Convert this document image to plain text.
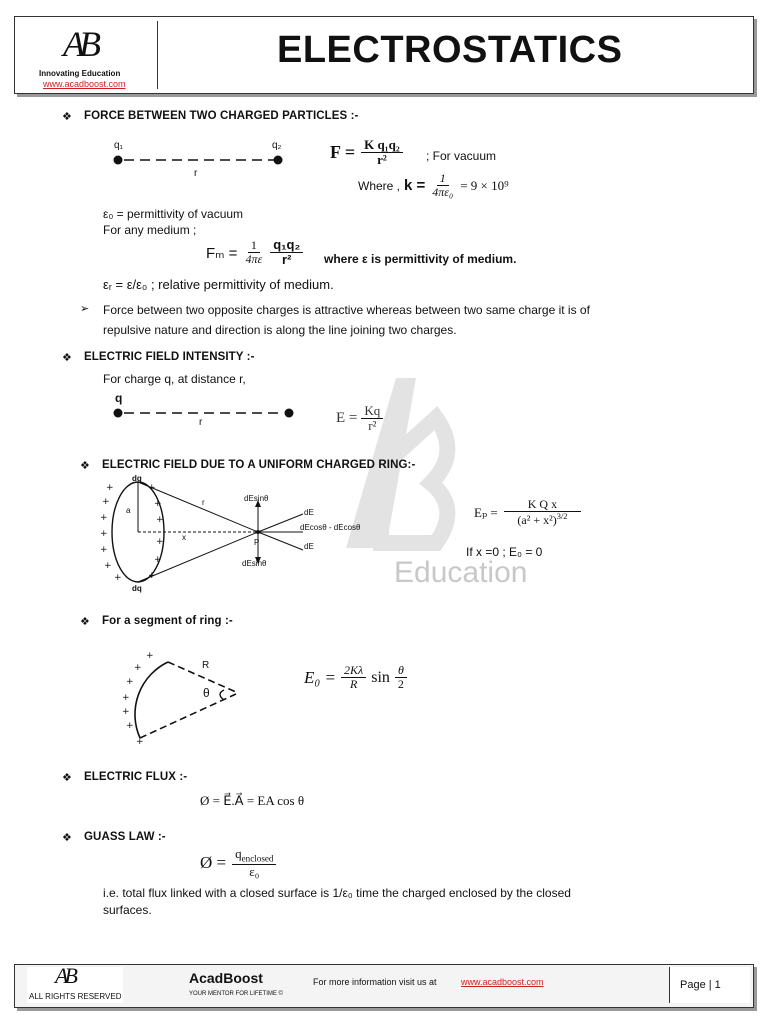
AB
Innovating Education
www.acadboost.com
ELECTROSTATICS
❖ FORCE BETWEEN TWO CHARGED PARTICLES :-
q₁	q₂
r
$F = \frac{\text{K q₁q₂}}{\text{r²}}$ ; For vacuum
Where , $k = \frac{1}{\text{4πε₀}} = 9 \times 10^9$
ε₀ = permittivity of vacuum
For any medium ;
$F_m = \frac{1}{4\pi\varepsilon} \frac{\text{q₁q₂}}{\text{r²}}$ where ε is permittivity of medium.
εᵣ = ε/ε₀ ; relative permittivity of medium.
➢ Force between two opposite charges is attractive whereas between two same charge it is of
repulsive nature and direction is along the line joining two charges.
Education
❖ ELECTRIC FIELD INTENSITY :-
For charge q, at distance r,
q
r	$E = \frac{Kq}{\text{r²}}$
❖ ELECTRIC FIELD DUE TO A UNIFORM CHARGED RING:-
+
+
+
+
+
+
+
+
+
+
+
+
+
dq
dq
a
r
x
P
dEsinθ
dE
dEcosθ - dEcosθ
dE
dEsinθ
$E_p = \frac{\text{K Q x}}{(a^2 + x^2)^{3/2}}$
If x =0 ; E₀ = 0
❖ For a segment of ring :-
+
+
+
+
+
+
+
R
θ
$E_0 = \frac{2K\lambda}{R}$ $\sin \frac{\theta}{2}$
❖ ELECTRIC FLUX :-
Ø = E⃗.A⃗ = EA cos θ
❖ GUASS LAW :-
Ø = $\frac{q_{enclosed}}{\text{ε₀}}$
i.e. total flux linked with a closed surface is 1/ε₀ time the charged enclosed by the closed
surfaces.
AB
ALL RIGHTS RESERVED
AcadBoost
YOUR MENTOR FOR LIFETIME ©
For more information visit us at	www.acadboost.com	Page | 1
